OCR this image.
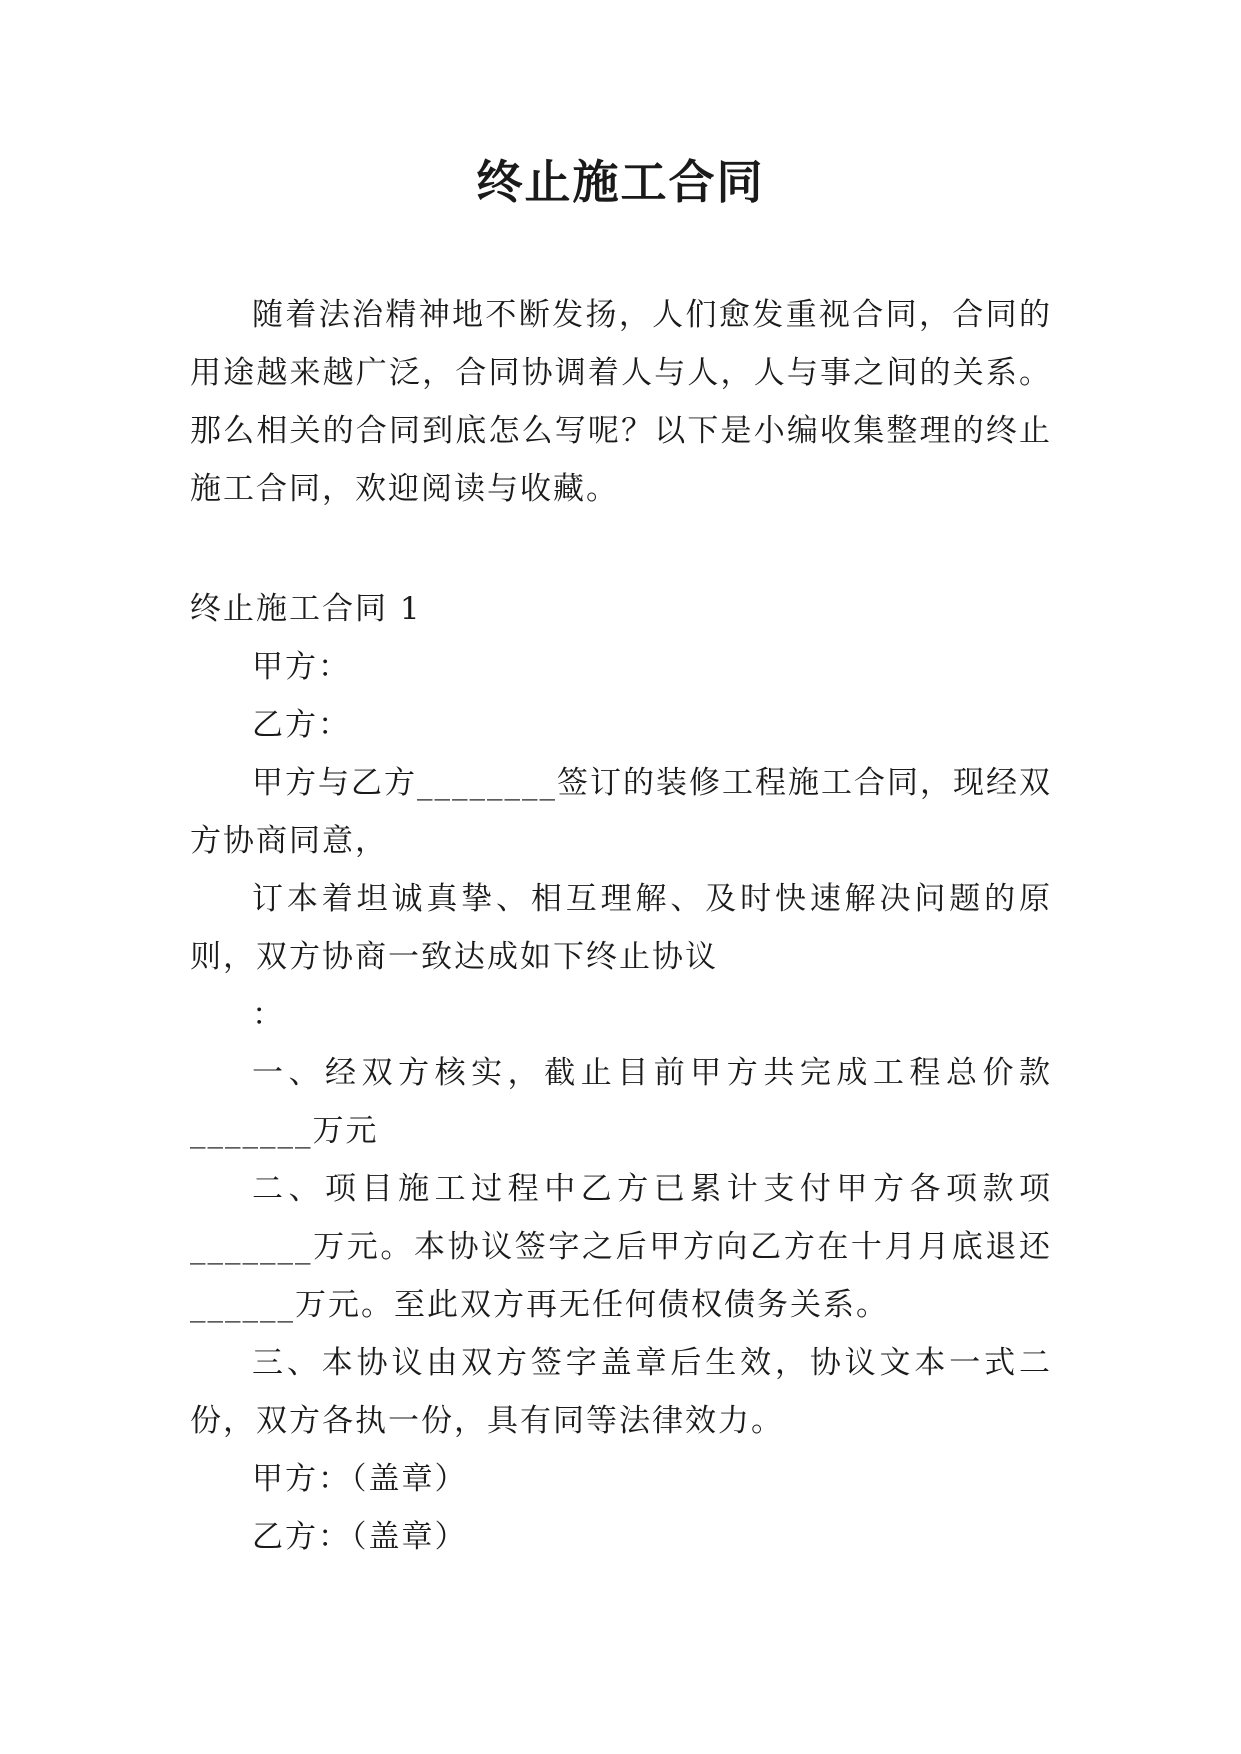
终止施工合同

随着法治精神地不断发扬，人们愈发重视合同，合同的用途越来越广泛，合同协调着人与人，人与事之间的关系。那么相关的合同到底怎么写呢？以下是小编收集整理的终止施工合同，欢迎阅读与收藏。

终止施工合同 1

甲方：

乙方：

甲方与乙方________签订的装修工程施工合同，现经双方协商同意，

订本着坦诚真挚、相互理解、及时快速解决问题的原则，双方协商一致达成如下终止协议

：

一、经双方核实，截止目前甲方共完成工程总价款_______万元

二、项目施工过程中乙方已累计支付甲方各项款项_______万元。本协议签字之后甲方向乙方在十月月底退还______万元。至此双方再无任何债权债务关系。

三、本协议由双方签字盖章后生效，协议文本一式二份，双方各执一份，具有同等法律效力。

甲方：（盖章）

乙方：（盖章）
